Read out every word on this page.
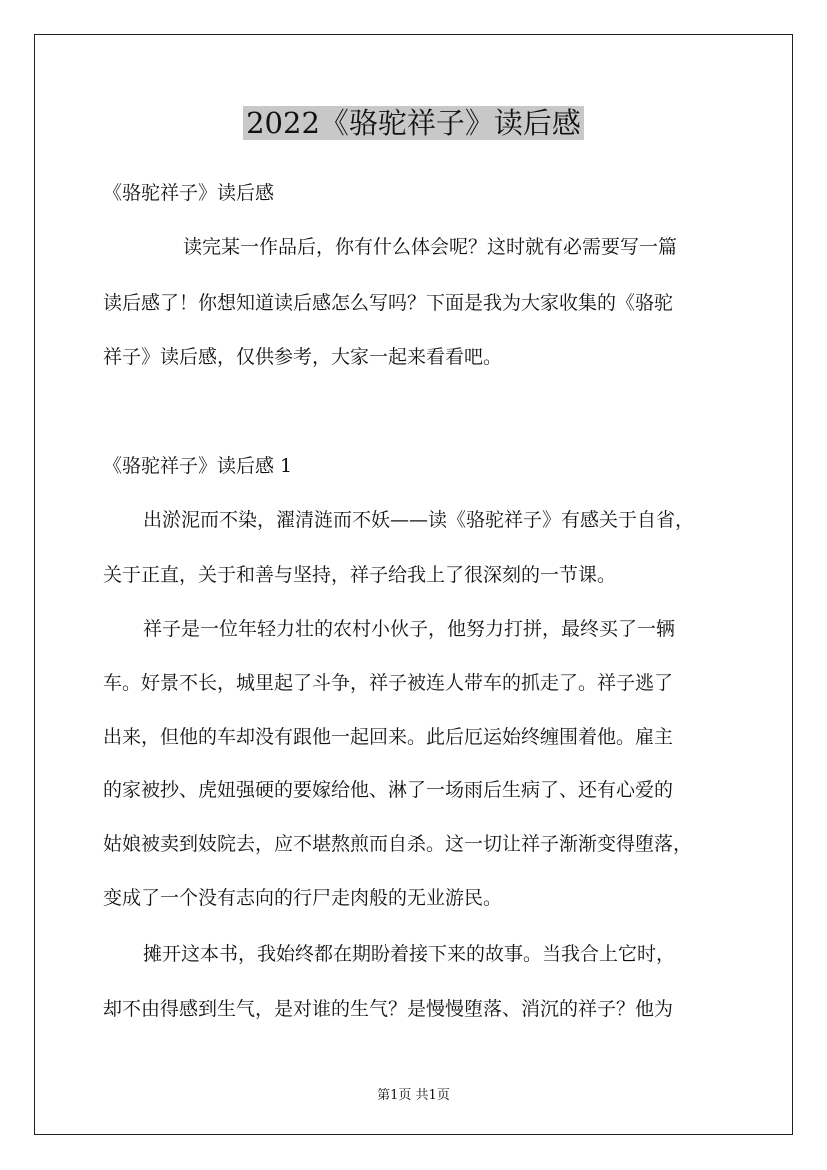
2022《骆驼祥子》读后感
《骆驼祥子》读后感
读完某一作品后，你有什么体会呢？这时就有必需要写一篇
读后感了！你想知道读后感怎么写吗？下面是我为大家收集的《骆驼
祥子》读后感，仅供参考，大家一起来看看吧。
《骆驼祥子》读后感 1
出淤泥而不染，濯清涟而不妖——读《骆驼祥子》有感关于自省，
关于正直，关于和善与坚持，祥子给我上了很深刻的一节课。
祥子是一位年轻力壮的农村小伙子，他努力打拼，最终买了一辆
车。好景不长，城里起了斗争，祥子被连人带车的抓走了。祥子逃了
出来，但他的车却没有跟他一起回来。此后厄运始终缠围着他。雇主
的家被抄、虎妞强硬的要嫁给他、淋了一场雨后生病了、还有心爱的
姑娘被卖到妓院去，应不堪熬煎而自杀。这一切让祥子渐渐变得堕落，
变成了一个没有志向的行尸走肉般的无业游民。
摊开这本书，我始终都在期盼着接下来的故事。当我合上它时，
却不由得感到生气，是对谁的生气？是慢慢堕落、消沉的祥子？他为
第1页 共1页
